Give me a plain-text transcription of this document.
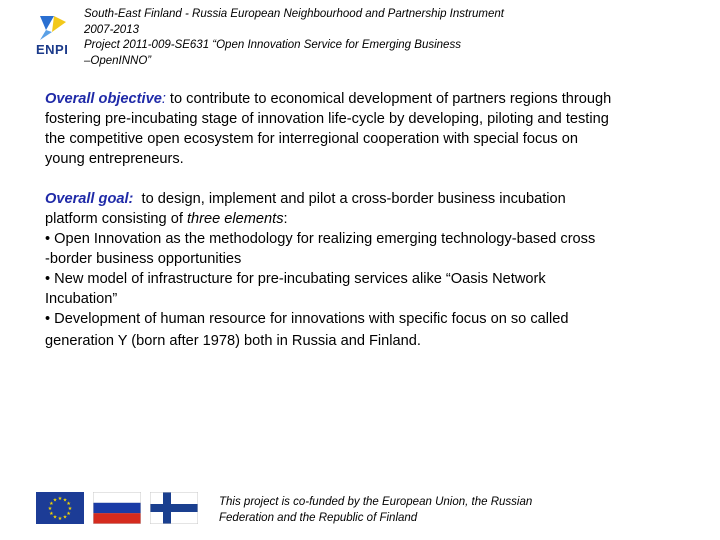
ENPI
South-East Finland - Russia European Neighbourhood and Partnership Instrument
2007-2013
Project 2011-009-SE631 “Open Innovation Service for Emerging Business
–OpenINNO”
Overall objective: to contribute to economical development of partners regions through
fostering pre-incubating stage of innovation life-cycle by developing, piloting and testing
the competitive open ecosystem for interregional cooperation with special focus on
young entrepreneurs.
Overall goal:  to design, implement and pilot a cross-border business incubation
platform consisting of three elements:
• Open Innovation as the methodology for realizing emerging technology-based cross
-border business opportunities
• New model of infrastructure for pre-incubating services alike “Oasis Network
Incubation”
• Development of human resource for innovations with specific focus on so called
generation Y (born after 1978) both in Russia and Finland.
★ ★
★
★
★
★
★
★
★
★
★
★	This project is co-funded by the European Union, the Russian
Federation and the Republic of Finland
